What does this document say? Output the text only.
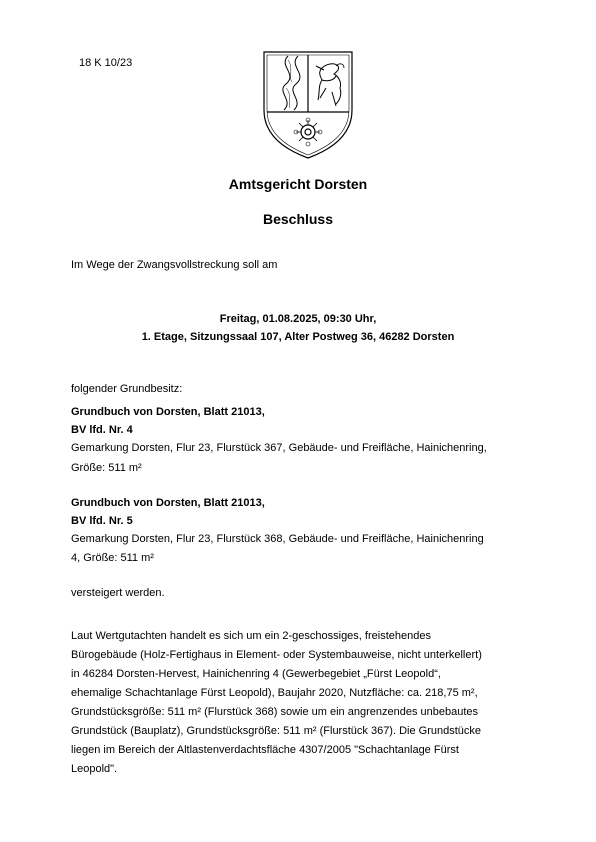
18 K 10/23
Amtsgericht Dorsten
Beschluss
Im Wege der Zwangsvollstreckung soll am
Freitag, 01.08.2025, 09:30 Uhr,
1. Etage, Sitzungssaal 107, Alter Postweg 36, 46282 Dorsten
folgender Grundbesitz:
Grundbuch von Dorsten, Blatt 21013,
BV lfd. Nr. 4
Gemarkung Dorsten, Flur 23, Flurstück 367, Gebäude- und Freifläche, Hainichenring,
Größe: 511 m²
Grundbuch von Dorsten, Blatt 21013,
BV lfd. Nr. 5
Gemarkung Dorsten, Flur 23, Flurstück 368, Gebäude- und Freifläche, Hainichenring
4, Größe: 511 m²
versteigert werden.
Laut Wertgutachten handelt es sich um ein 2-geschossiges, freistehendes
Bürogebäude (Holz-Fertighaus in Element- oder Systembauweise, nicht unterkellert)
in 46284 Dorsten-Hervest, Hainichenring 4 (Gewerbegebiet „Fürst Leopold“,
ehemalige Schachtanlage Fürst Leopold), Baujahr 2020, Nutzfläche: ca. 218,75 m²,
Grundstücksgröße: 511 m² (Flurstück 368) sowie um ein angrenzendes unbebautes
Grundstück (Bauplatz), Grundstücksgröße: 511 m² (Flurstück 367). Die Grundstücke
liegen im Bereich der Altlastenverdachtsfläche 4307/2005 "Schachtanlage Fürst
Leopold".
